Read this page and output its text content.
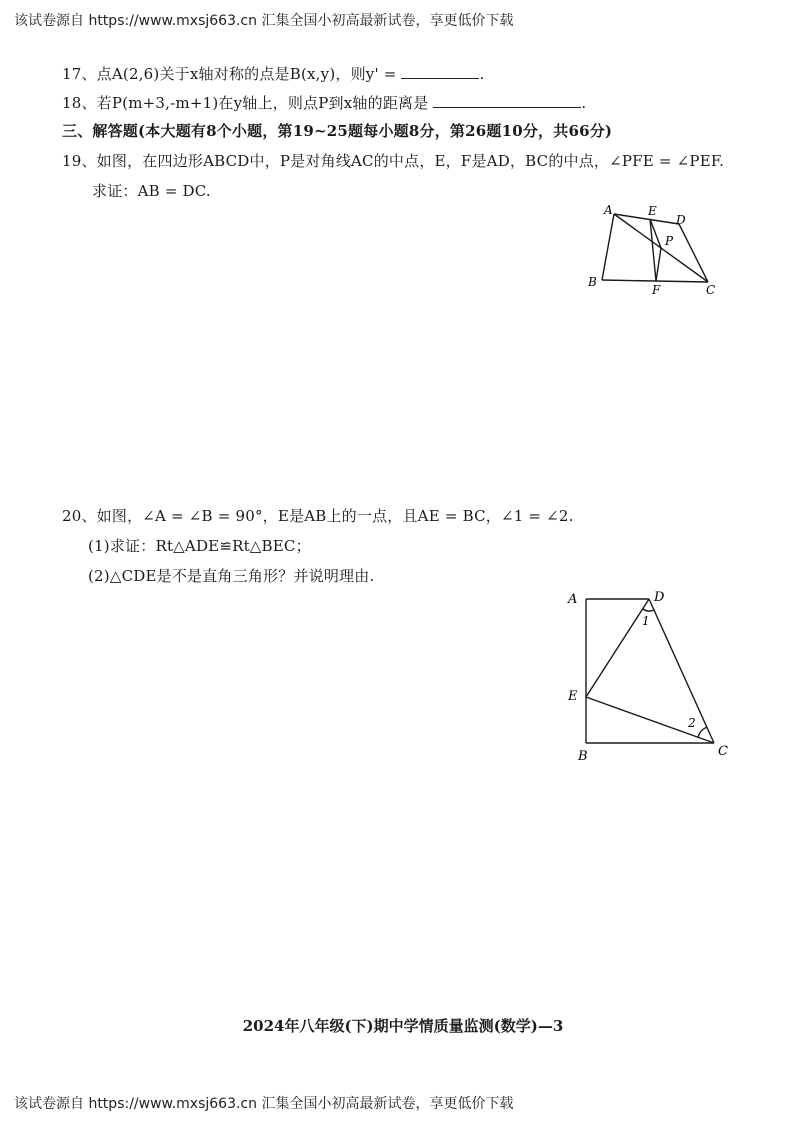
该试卷源自 https://www.mxsj663.cn 汇集全国小初高最新试卷，享更低价下载
17、点A(2,6)关于x轴对称的点是B(x,y)，则y' =	.
18、若P(m+3,-m+1)在y轴上，则点P到x轴的距离是	.
三、解答题(本大题有8个小题，第19~25题每小题8分，第26题10分，共66分)
19、如图，在四边形ABCD中，P是对角线AC的中点，E，F是AD，BC的中点，∠PFE = ∠PEF.
求证：AB = DC.
A	E
D
P
B
F	C
20、如图，∠A = ∠B = 90°，E是AB上的一点，且AE = BC，∠1 = ∠2.
(1)求证：Rt△ADE≌Rt△BEC；
(2)△CDE是不是直角三角形？并说明理由.
A	D
E
B	C
1
2
2024年八年级(下)期中学情质量监测(数学)—3
该试卷源自 https://www.mxsj663.cn 汇集全国小初高最新试卷，享更低价下载
